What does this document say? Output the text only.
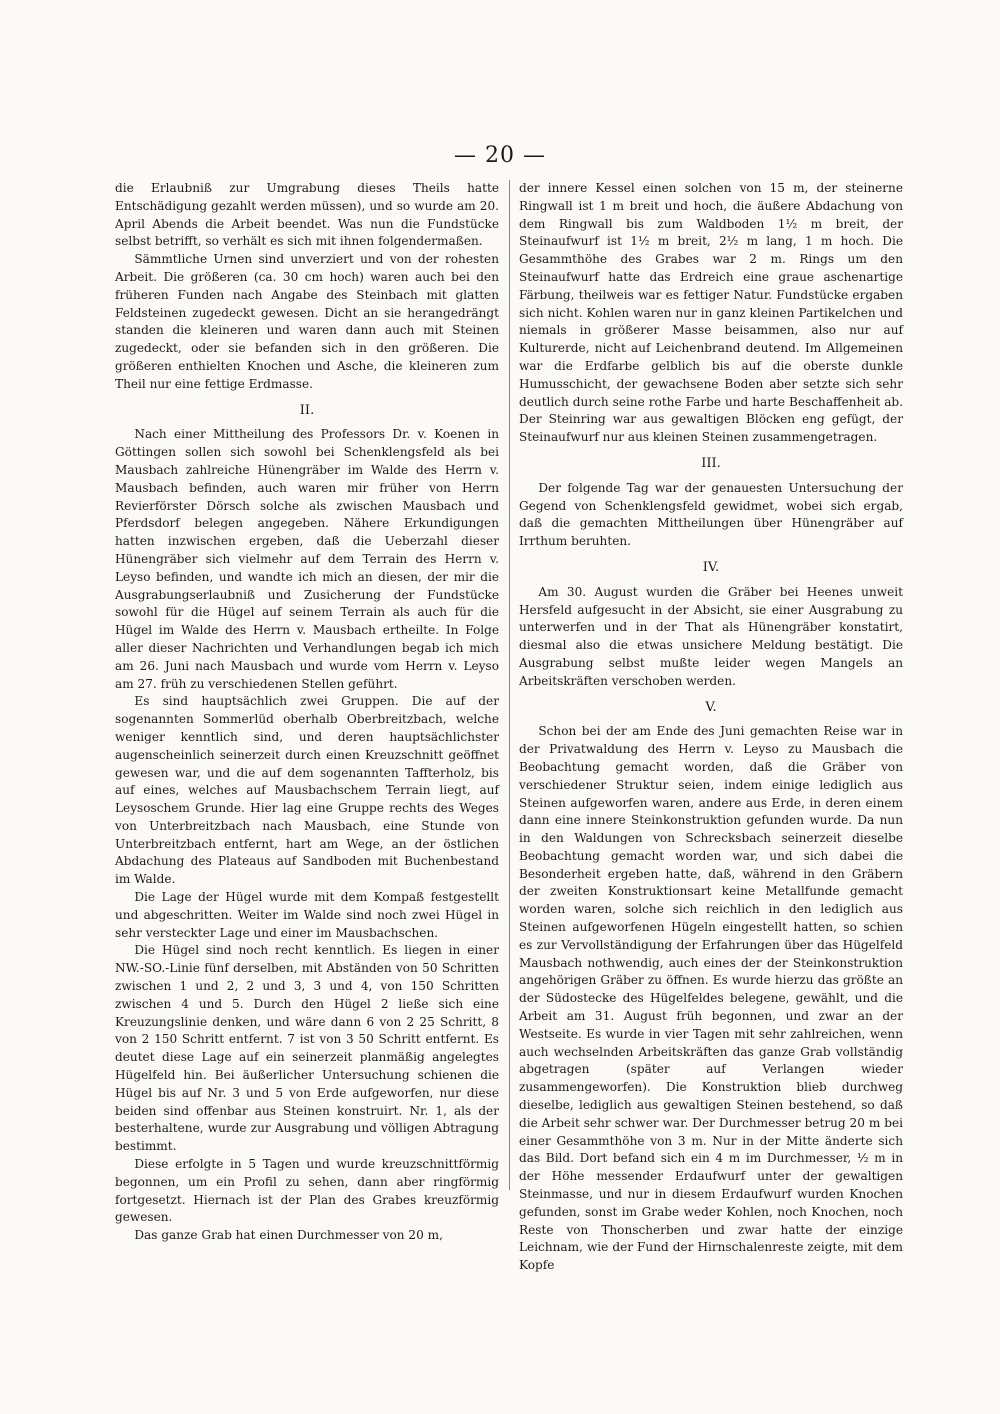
— 20 —

die Erlaubniß zur Umgrabung dieses Theils hatte Entschädigung gezahlt werden müssen), und so wurde am 20. April Abends die Arbeit beendet. Was nun die Fundstücke selbst betrifft, so verhält es sich mit ihnen folgendermaßen.

Sämmtliche Urnen sind unverziert und von der rohesten Arbeit. Die größeren (ca. 30 cm hoch) waren auch bei den früheren Funden nach Angabe des Steinbach mit glatten Feldsteinen zugedeckt gewesen. Dicht an sie herangedrängt standen die kleineren und waren dann auch mit Steinen zugedeckt, oder sie befanden sich in den größeren. Die größeren enthielten Knochen und Asche, die kleineren zum Theil nur eine fettige Erdmasse.

II.

Nach einer Mittheilung des Professors Dr. v. Koenen in Göttingen sollen sich sowohl bei Schenklengsfeld als bei Mausbach zahlreiche Hünengräber im Walde des Herrn v. Mausbach befinden, auch waren mir früher von Herrn Revierförster Dörsch solche als zwischen Mausbach und Pferdsdorf belegen angegeben. Nähere Erkundigungen hatten inzwischen ergeben, daß die Ueberzahl dieser Hünengräber sich vielmehr auf dem Terrain des Herrn v. Leyso befinden, und wandte ich mich an diesen, der mir die Ausgrabungserlaubniß und Zusicherung der Fundstücke sowohl für die Hügel auf seinem Terrain als auch für die Hügel im Walde des Herrn v. Mausbach ertheilte. In Folge aller dieser Nachrichten und Verhandlungen begab ich mich am 26. Juni nach Mausbach und wurde vom Herrn v. Leyso am 27. früh zu verschiedenen Stellen geführt.

Es sind hauptsächlich zwei Gruppen. Die auf der sogenannten Sommerlüd oberhalb Oberbreitzbach, welche weniger kenntlich sind, und deren hauptsächlichster augenscheinlich seinerzeit durch einen Kreuzschnitt geöffnet gewesen war, und die auf dem sogenannten Taffterholz, bis auf eines, welches auf Mausbachschem Terrain liegt, auf Leysoschem Grunde. Hier lag eine Gruppe rechts des Weges von Unterbreitzbach nach Mausbach, eine Stunde von Unterbreitzbach entfernt, hart am Wege, an der östlichen Abdachung des Plateaus auf Sandboden mit Buchenbestand im Walde.

Die Lage der Hügel wurde mit dem Kompaß festgestellt und abgeschritten. Weiter im Walde sind noch zwei Hügel in sehr versteckter Lage und einer im Mausbachschen.

Die Hügel sind noch recht kenntlich. Es liegen in einer NW.-SO.-Linie fünf derselben, mit Abständen von 50 Schritten zwischen 1 und 2, 2 und 3, 3 und 4, von 150 Schritten zwischen 4 und 5. Durch den Hügel 2 ließe sich eine Kreuzungslinie denken, und wäre dann 6 von 2 25 Schritt, 8 von 2 150 Schritt entfernt. 7 ist von 3 50 Schritt entfernt. Es deutet diese Lage auf ein seinerzeit planmäßig angelegtes Hügelfeld hin. Bei äußerlicher Untersuchung schienen die Hügel bis auf Nr. 3 und 5 von Erde aufgeworfen, nur diese beiden sind offenbar aus Steinen konstruirt. Nr. 1, als der besterhaltene, wurde zur Ausgrabung und völligen Abtragung bestimmt.

Diese erfolgte in 5 Tagen und wurde kreuzschnittförmig begonnen, um ein Profil zu sehen, dann aber ringförmig fortgesetzt. Hiernach ist der Plan des Grabes kreuzförmig gewesen.

Das ganze Grab hat einen Durchmesser von 20 m,

der innere Kessel einen solchen von 15 m, der steinerne Ringwall ist 1 m breit und hoch, die äußere Abdachung von dem Ringwall bis zum Waldboden 1½ m breit, der Steinaufwurf ist 1½ m breit, 2½ m lang, 1 m hoch. Die Gesammthöhe des Grabes war 2 m. Rings um den Steinaufwurf hatte das Erdreich eine graue aschenartige Färbung, theilweis war es fettiger Natur. Fundstücke ergaben sich nicht. Kohlen waren nur in ganz kleinen Partikelchen und niemals in größerer Masse beisammen, also nur auf Kulturerde, nicht auf Leichenbrand deutend. Im Allgemeinen war die Erdfarbe gelblich bis auf die oberste dunkle Humusschicht, der gewachsene Boden aber setzte sich sehr deutlich durch seine rothe Farbe und harte Beschaffenheit ab. Der Steinring war aus gewaltigen Blöcken eng gefügt, der Steinaufwurf nur aus kleinen Steinen zusammengetragen.

III.

Der folgende Tag war der genauesten Untersuchung der Gegend von Schenklengsfeld gewidmet, wobei sich ergab, daß die gemachten Mittheilungen über Hünengräber auf Irrthum beruhten.

IV.

Am 30. August wurden die Gräber bei Heenes unweit Hersfeld aufgesucht in der Absicht, sie einer Ausgrabung zu unterwerfen und in der That als Hünengräber konstatirt, diesmal also die etwas unsichere Meldung bestätigt. Die Ausgrabung selbst mußte leider wegen Mangels an Arbeitskräften verschoben werden.

V.

Schon bei der am Ende des Juni gemachten Reise war in der Privatwaldung des Herrn v. Leyso zu Mausbach die Beobachtung gemacht worden, daß die Gräber von verschiedener Struktur seien, indem einige lediglich aus Steinen aufgeworfen waren, andere aus Erde, in deren einem dann eine innere Steinkonstruktion gefunden wurde. Da nun in den Waldungen von Schrecksbach seinerzeit dieselbe Beobachtung gemacht worden war, und sich dabei die Besonderheit ergeben hatte, daß, während in den Gräbern der zweiten Konstruktionsart keine Metallfunde gemacht worden waren, solche sich reichlich in den lediglich aus Steinen aufgeworfenen Hügeln eingestellt hatten, so schien es zur Vervollständigung der Erfahrungen über das Hügelfeld Mausbach nothwendig, auch eines der der Steinkonstruktion angehörigen Gräber zu öffnen. Es wurde hierzu das größte an der Südostecke des Hügelfeldes belegene, gewählt, und die Arbeit am 31. August früh begonnen, und zwar an der Westseite. Es wurde in vier Tagen mit sehr zahlreichen, wenn auch wechselnden Arbeitskräften das ganze Grab vollständig abgetragen (später auf Verlangen wieder zusammengeworfen). Die Konstruktion blieb durchweg dieselbe, lediglich aus gewaltigen Steinen bestehend, so daß die Arbeit sehr schwer war. Der Durchmesser betrug 20 m bei einer Gesammthöhe von 3 m. Nur in der Mitte änderte sich das Bild. Dort befand sich ein 4 m im Durchmesser, ½ m in der Höhe messender Erdaufwurf unter der gewaltigen Steinmasse, und nur in diesem Erdaufwurf wurden Knochen gefunden, sonst im Grabe weder Kohlen, noch Knochen, noch Reste von Thonscherben und zwar hatte der einzige Leichnam, wie der Fund der Hirnschalenreste zeigte, mit dem Kopfe
